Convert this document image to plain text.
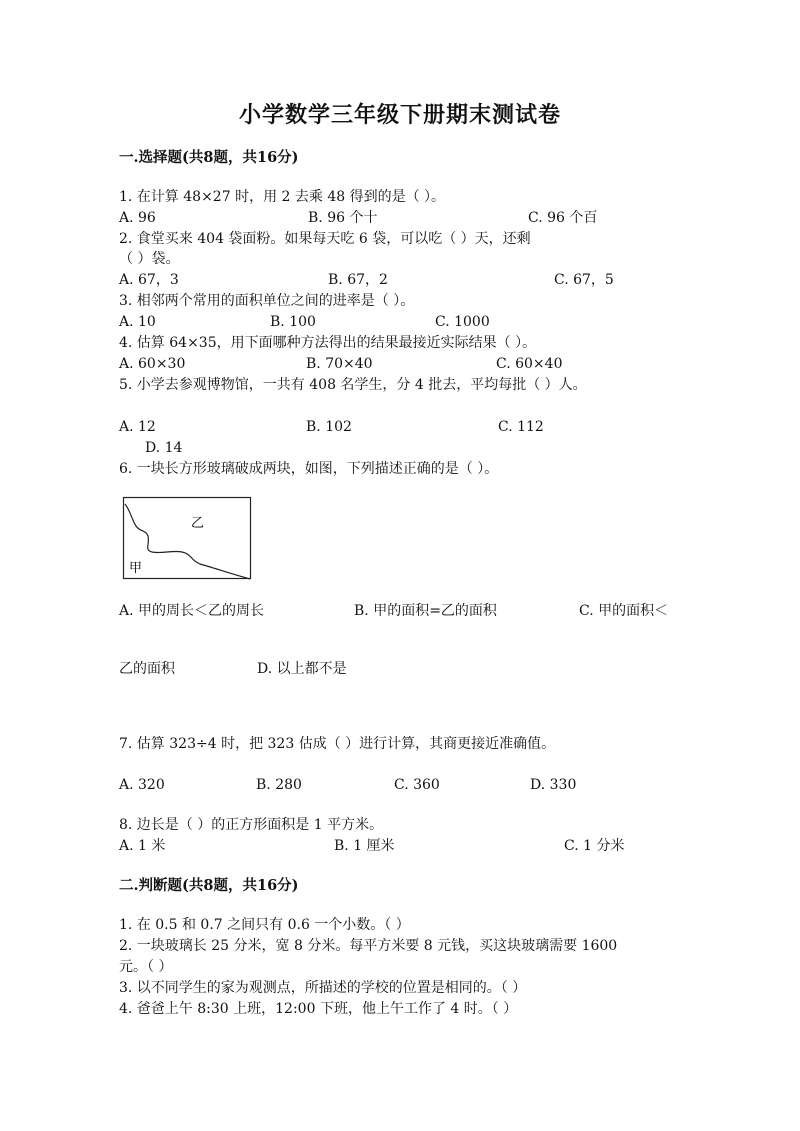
小学数学三年级下册期末测试卷
一.选择题(共8题，共16分)
1. 在计算 48×27 时，用 2 去乘 48 得到的是（ ）。
A. 96	B. 96 个十	C. 96 个百
2. 食堂买来 404 袋面粉。如果每天吃 6 袋，可以吃（ ）天，还剩
（ ）袋。
A. 67，3	B. 67，2	C. 67，5
3. 相邻两个常用的面积单位之间的进率是（ ）。
A. 10	B. 100	C. 1000
4. 估算 64×35，用下面哪种方法得出的结果最接近实际结果（ ）。
A. 60×30	B. 70×40	C. 60×40
5. 小学去参观博物馆，一共有 408 名学生，分 4 批去，平均每批（ ）人。
A. 12	B. 102	C. 112
D. 14
6. 一块长方形玻璃破成两块，如图，下列描述正确的是（ ）。
乙
甲
A. 甲的周长＜乙的周长	B. 甲的面积=乙的面积	C. 甲的面积＜
乙的面积	D. 以上都不是
7. 估算 323÷4 时，把 323 估成（ ）进行计算，其商更接近准确值。
A. 320	B. 280	C. 360	D. 330
8. 边长是（ ）的正方形面积是 1 平方米。
A. 1 米	B. 1 厘米	C. 1 分米
二.判断题(共8题，共16分)
1. 在 0.5 和 0.7 之间只有 0.6 一个小数。（ ）
2. 一块玻璃长 25 分米，宽 8 分米。每平方米要 8 元钱，买这块玻璃需要 1600
元。（ ）
3. 以不同学生的家为观测点，所描述的学校的位置是相同的。（ ）
4. 爸爸上午 8:30 上班，12:00 下班，他上午工作了 4 时。（ ）
